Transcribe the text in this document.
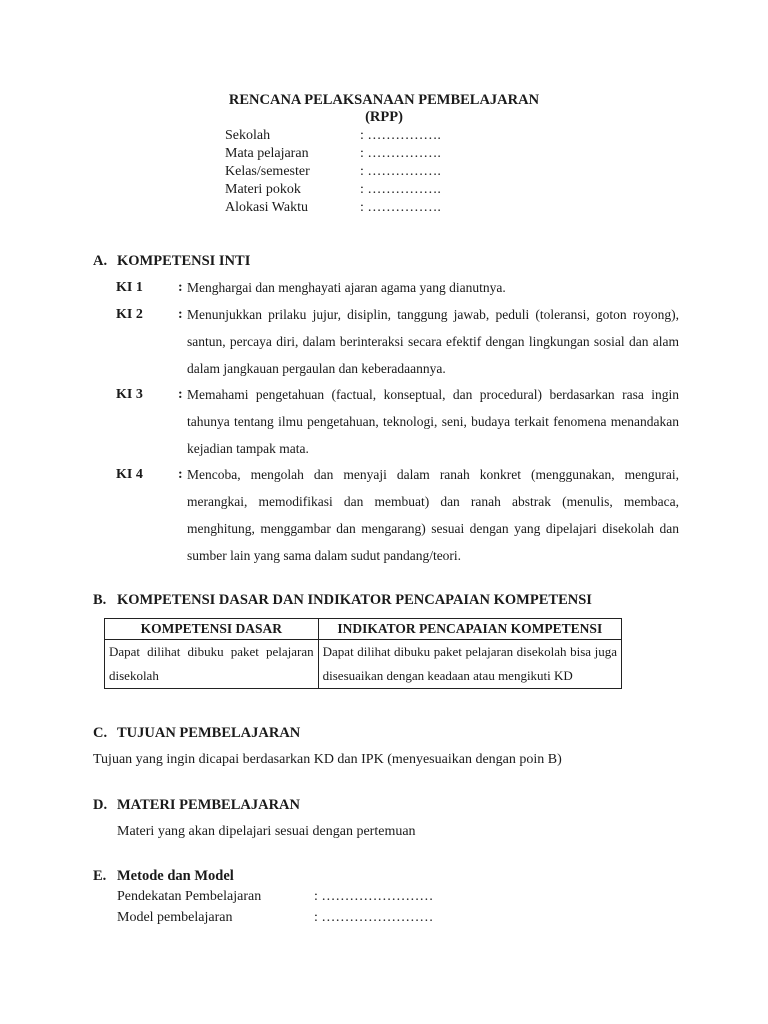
RENCANA PELAKSANAAN PEMBELAJARAN
(RPP)
Sekolah	: …………….
Mata pelajaran	: …………….
Kelas/semester	: …………….
Materi pokok	: …………….
Alokasi Waktu	: …………….
A. KOMPETENSI INTI
KI 1	: Menghargai dan menghayati ajaran agama yang dianutnya.
KI 2	: Menunjukkan prilaku jujur, disiplin, tanggung jawab, peduli (toleransi, goton royong), santun, percaya diri, dalam berinteraksi secara efektif dengan lingkungan sosial dan alam dalam jangkauan pergaulan dan keberadaannya.
KI 3	: Memahami pengetahuan (factual, konseptual, dan procedural) berdasarkan rasa ingin tahunya tentang ilmu pengetahuan, teknologi, seni, budaya terkait fenomena menandakan kejadian tampak mata.
KI 4	: Mencoba, mengolah dan menyaji dalam ranah konkret (menggunakan, mengurai, merangkai, memodifikasi dan membuat) dan ranah abstrak (menulis, membaca, menghitung, menggambar dan mengarang) sesuai dengan yang dipelajari disekolah dan sumber lain yang sama dalam sudut pandang/teori.
B. KOMPETENSI DASAR DAN INDIKATOR PENCAPAIAN KOMPETENSI
KOMPETENSI DASAR	INDIKATOR PENCAPAIAN KOMPETENSI
Dapat dilihat dibuku paket pelajaran disekolah	Dapat dilihat dibuku paket pelajaran disekolah bisa juga disesuaikan dengan keadaan atau mengikuti KD
C. TUJUAN PEMBELAJARAN
Tujuan yang ingin dicapai berdasarkan KD dan IPK (menyesuaikan dengan poin B)
D. MATERI PEMBELAJARAN
Materi yang akan dipelajari sesuai dengan pertemuan
E. Metode dan Model
Pendekatan Pembelajaran	: ……………………
Model pembelajaran	: ……………………
